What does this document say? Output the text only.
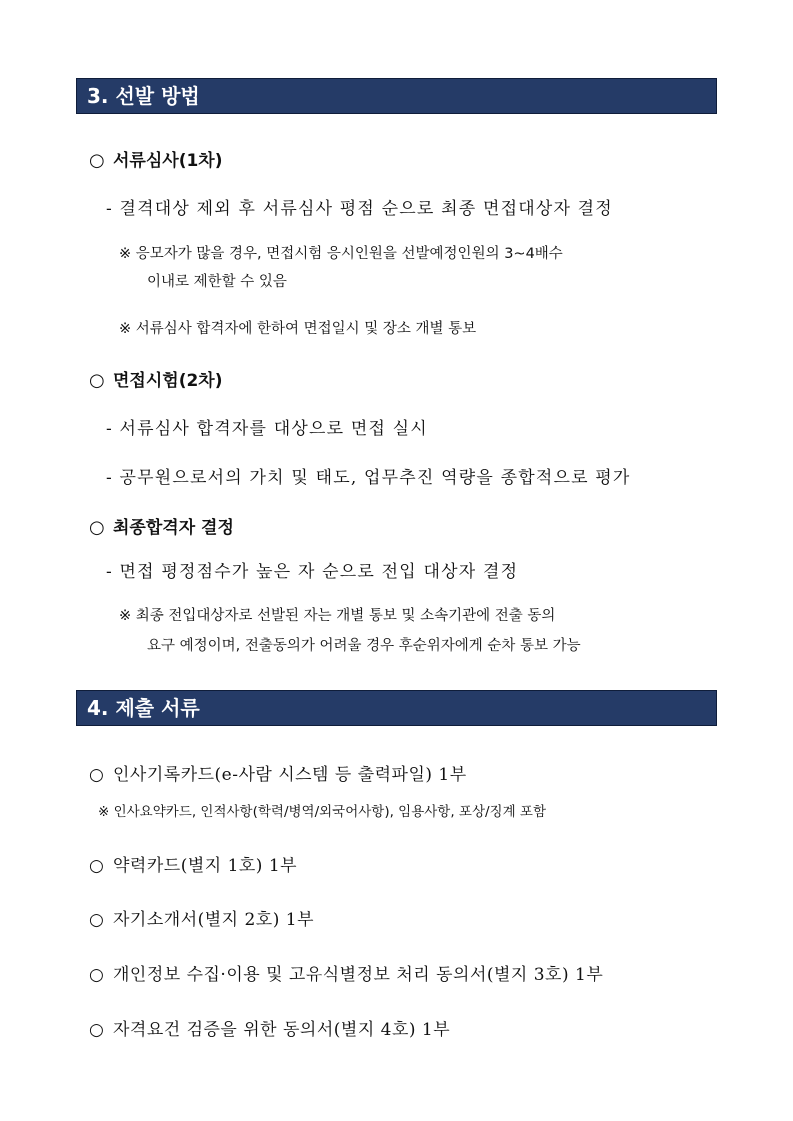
3. 선발 방법
○ 서류심사(1차)
- 결격대상 제외 후 서류심사 평점 순으로 최종 면접대상자 결정
※ 응모자가 많을 경우, 면접시험 응시인원을 선발예정인원의 3~4배수
이내로 제한할 수 있음
※ 서류심사 합격자에 한하여 면접일시 및 장소 개별 통보
○ 면접시험(2차)
- 서류심사 합격자를 대상으로 면접 실시
- 공무원으로서의 가치 및 태도, 업무추진 역량을 종합적으로 평가
○ 최종합격자 결정
- 면접 평정점수가 높은 자 순으로 전입 대상자 결정
※ 최종 전입대상자로 선발된 자는 개별 통보 및 소속기관에 전출 동의
요구 예정이며, 전출동의가 어려울 경우 후순위자에게 순차 통보 가능
4. 제출 서류
○ 인사기록카드(e-사람 시스템 등 출력파일) 1부
※ 인사요약카드, 인적사항(학력/병역/외국어사항), 임용사항, 포상/징계 포함
○ 약력카드(별지 1호) 1부
○ 자기소개서(별지 2호) 1부
○ 개인정보 수집·이용 및 고유식별정보 처리 동의서(별지 3호) 1부
○ 자격요건 검증을 위한 동의서(별지 4호) 1부
